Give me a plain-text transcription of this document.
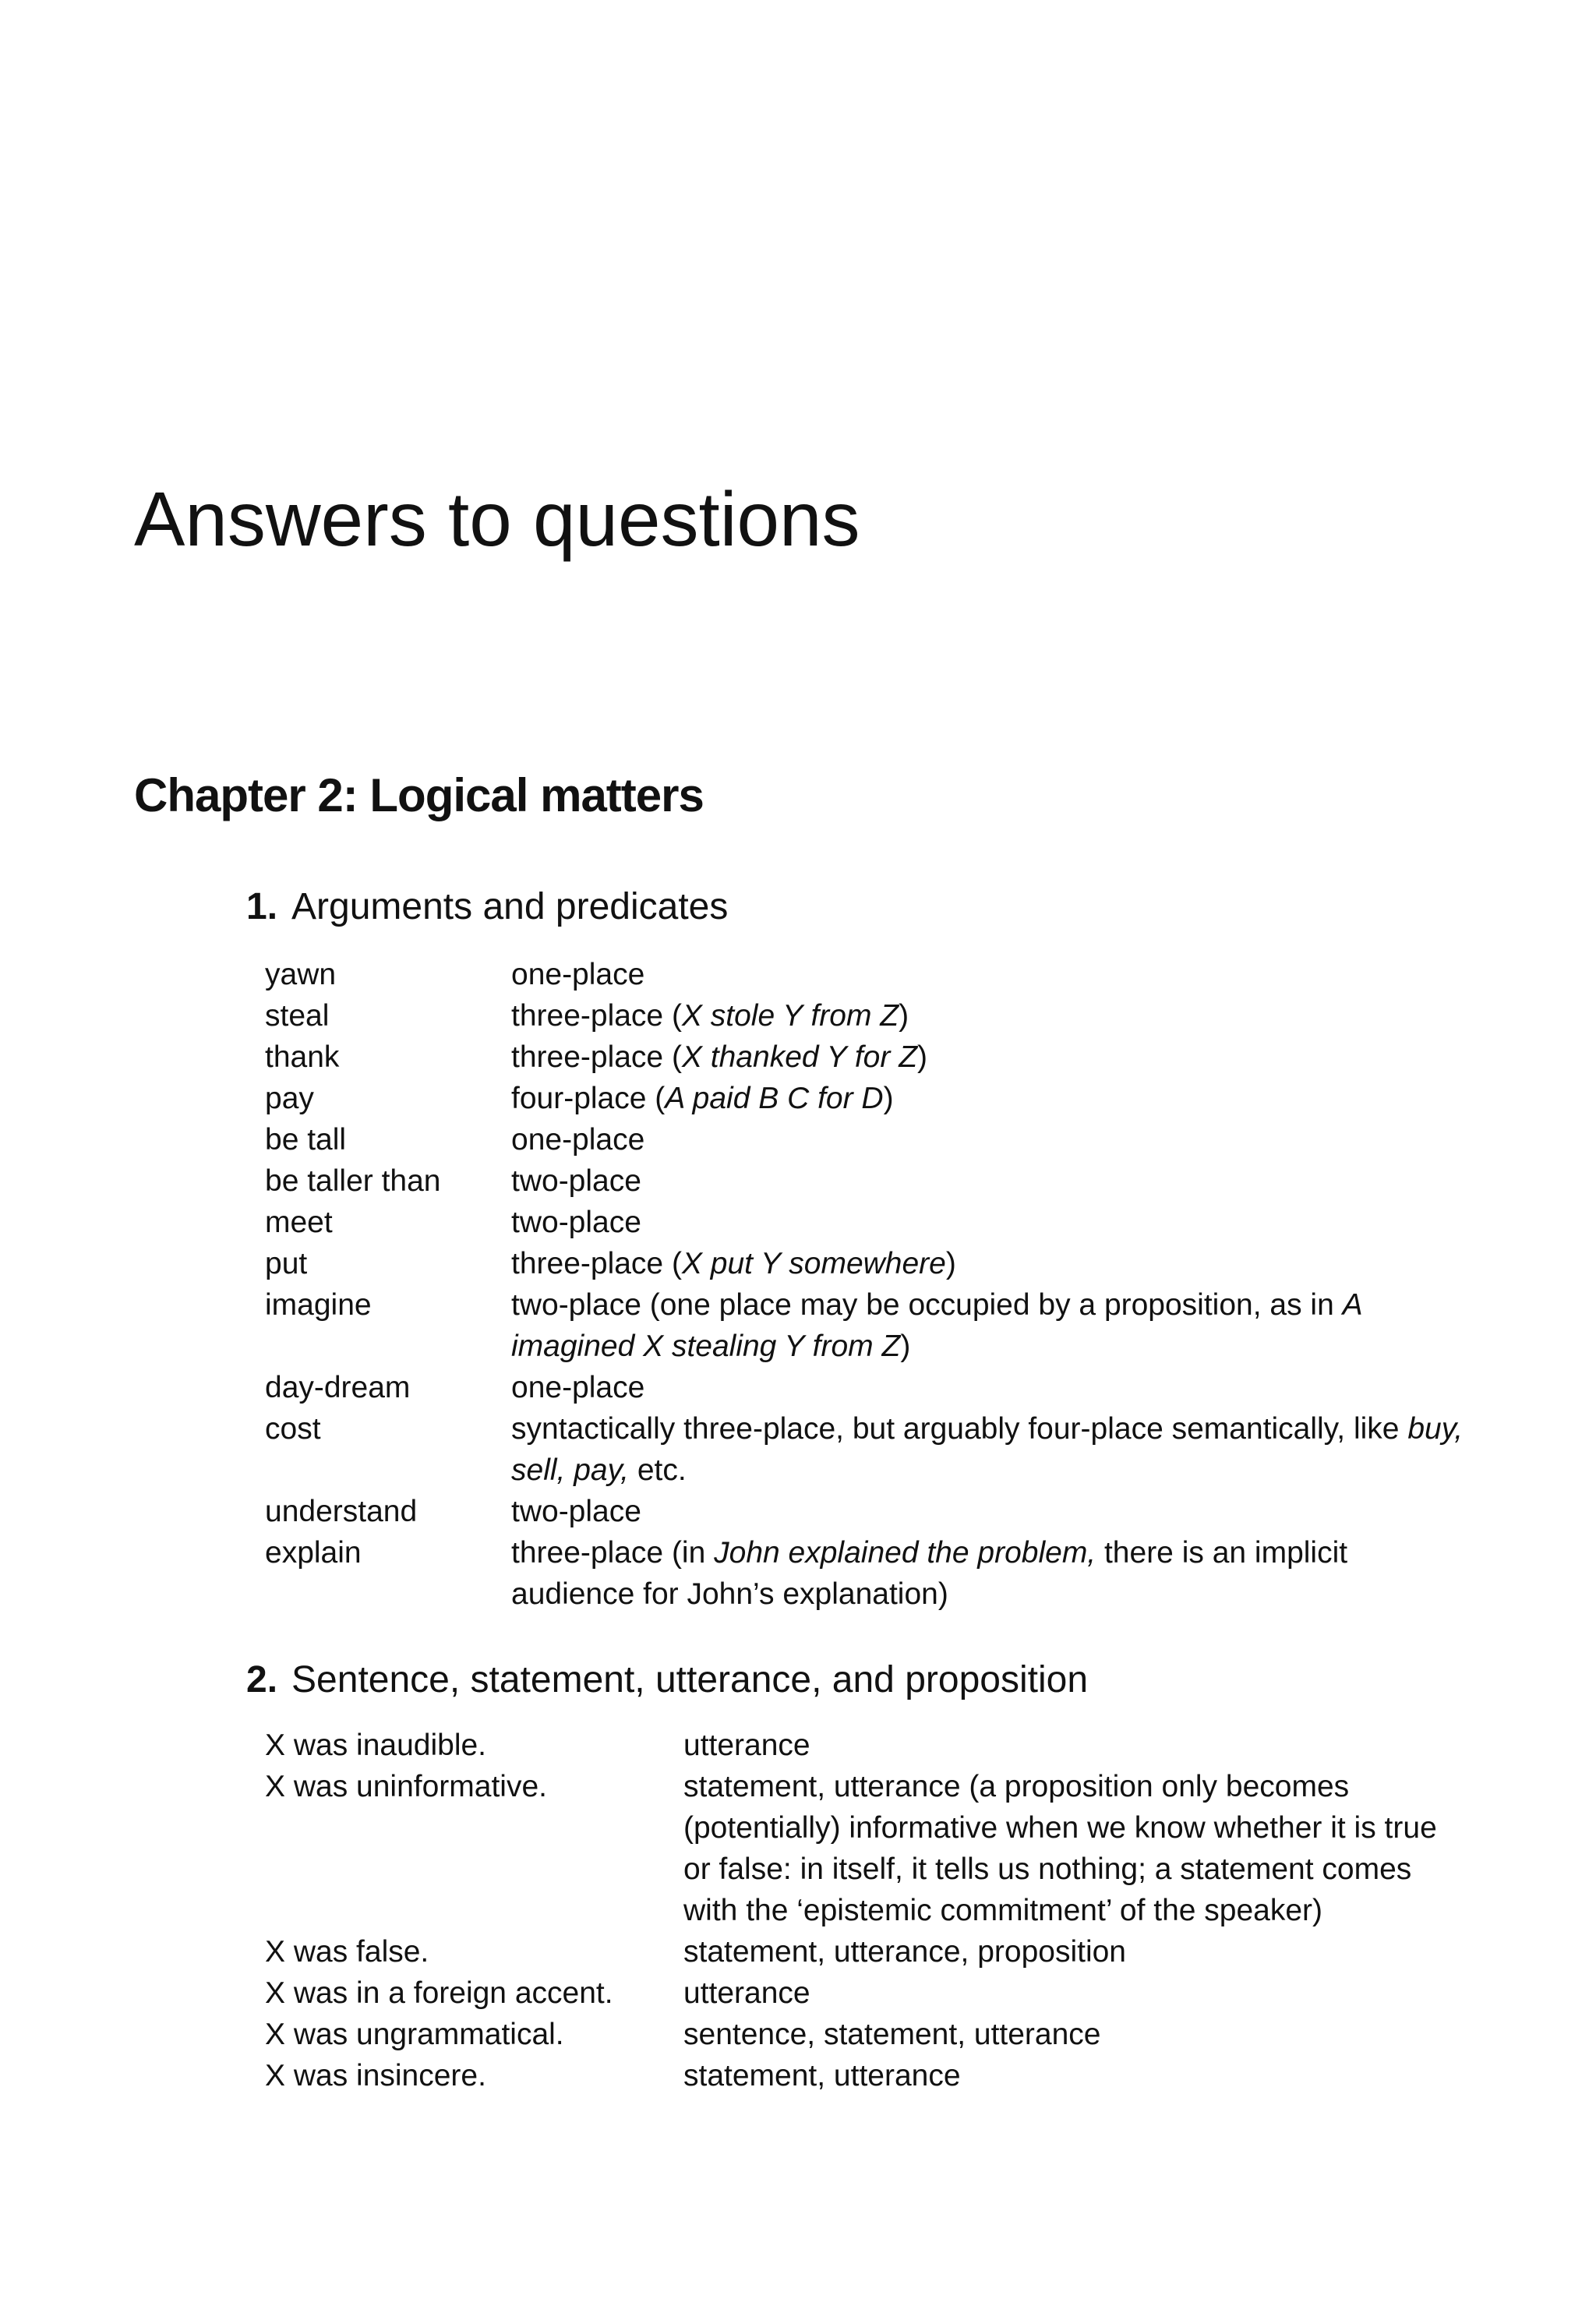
Answers to questions
Chapter 2: Logical matters
1. Arguments and predicates
yawn	one-place
steal	three-place (X stole Y from Z)
thank	three-place (X thanked Y for Z)
pay	four-place (A paid B C for D)
be tall	one-place
be taller than	two-place
meet	two-place
put	three-place (X put Y somewhere)
imagine	two-place (one place may be occupied by a proposition, as in A imagined X stealing Y from Z)
day-dream	one-place
cost	syntactically three-place, but arguably four-place semantically, like buy, sell, pay, etc.
understand	two-place
explain	three-place (in John explained the problem, there is an implicit audience for John’s explanation)
2. Sentence, statement, utterance, and proposition
X was inaudible.	utterance
X was uninformative.	statement, utterance (a proposition only becomes (potentially) informative when we know whether it is true or false: in itself, it tells us nothing; a statement comes with the ‘epistemic commitment’ of the speaker)
X was false.	statement, utterance, proposition
X was in a foreign accent.	utterance
X was ungrammatical.	sentence, statement, utterance
X was insincere.	statement, utterance
